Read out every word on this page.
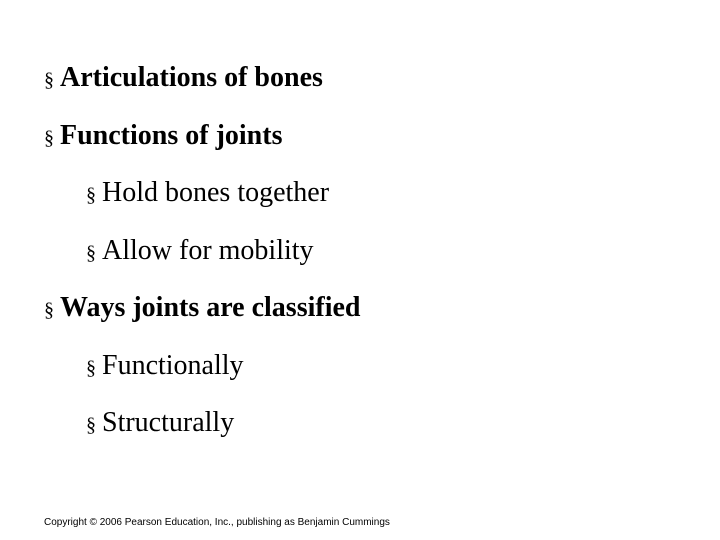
§ Articulations of bones
§ Functions of joints
§ Hold bones together
§ Allow for mobility
§ Ways joints are classified
§ Functionally
§ Structurally
Copyright © 2006 Pearson Education, Inc., publishing as Benjamin Cummings
